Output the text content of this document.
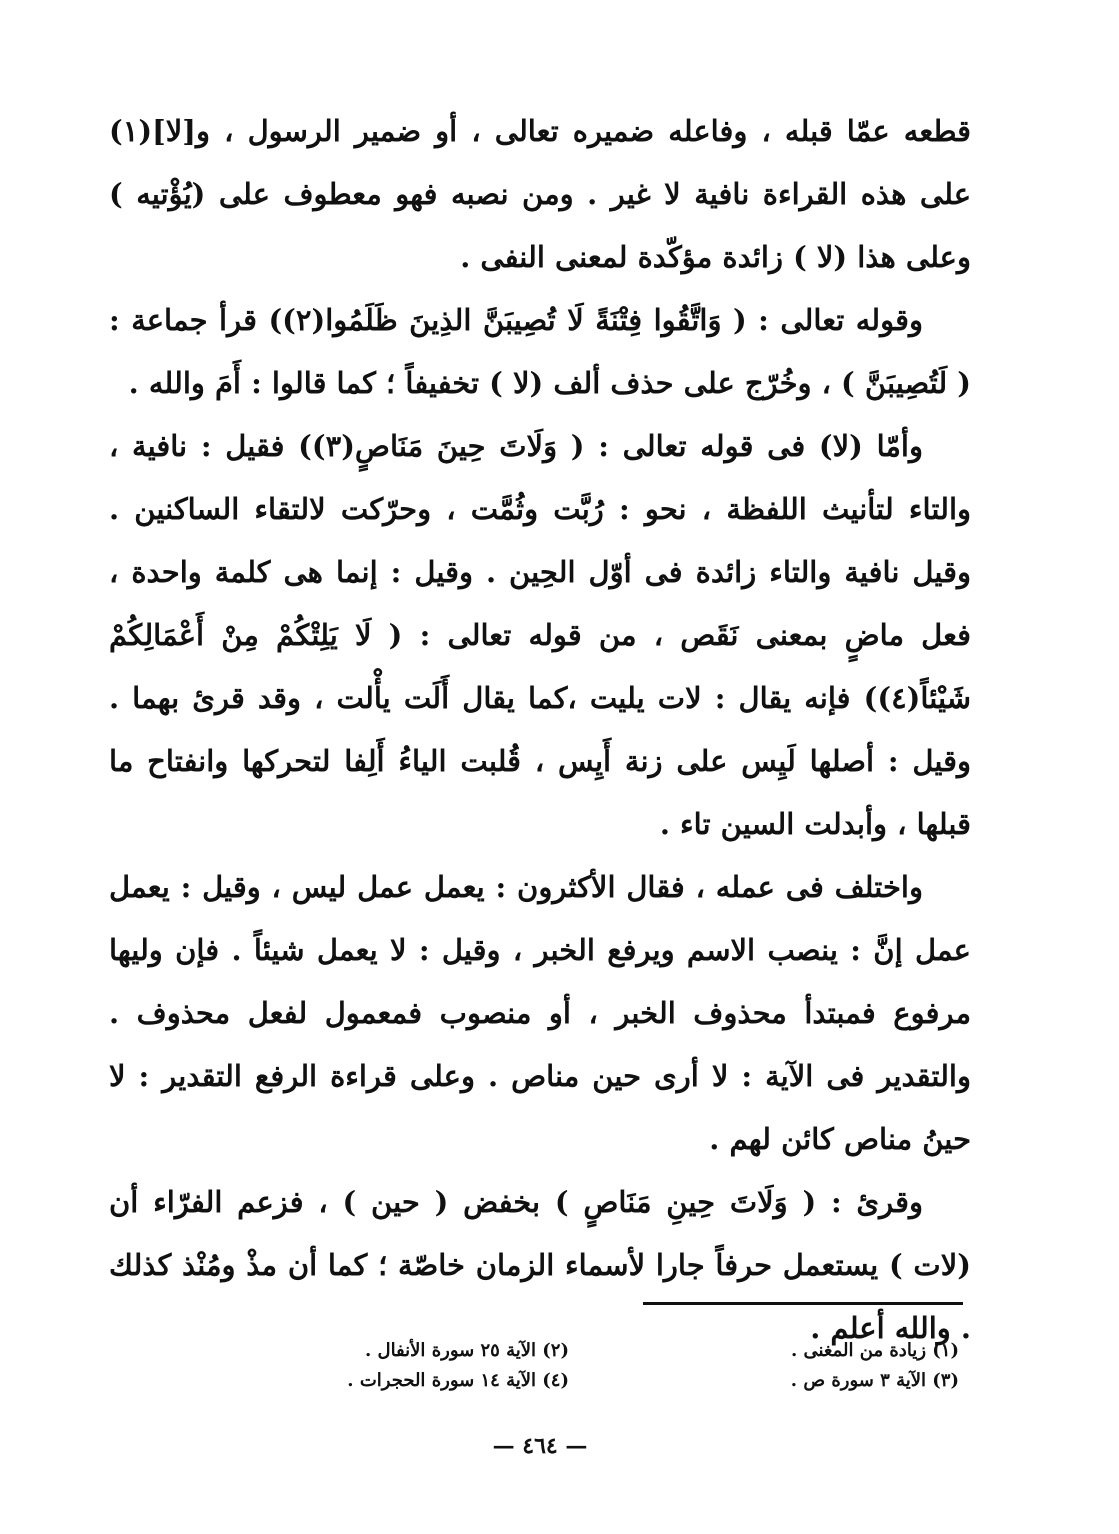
قطعه عمّا قبله ، وفاعله ضميره تعالى ، أو ضمير الرسول ، و[لا](١) على هذه القراءة نافية لا غير . ومن نصبه فهو معطوف على (يُؤْتيه ) وعلى هذا (لا ) زائدة مؤكّدة لمعنى النفى .

وقوله تعالى : ( وَاتَّقُوا فِتْنَةً لَا تُصِيبَنَّ الذِينَ ظَلَمُوا(٢)) قرأ جماعة : ( لَتُصِيبَنَّ ) ، وخُرّج على حذف ألف (لا ) تخفيفاً ؛ كما قالوا : أَمَ والله .

وأمّا (لا) فى قوله تعالى : ( وَلَاتَ حِينَ مَنَاصٍ(٣)) فقيل : نافية ، والتاء لتأنيث اللفظة ، نحو : رُبَّت وثُمَّت ، وحرّكت لالتقاء الساكنين . وقيل نافية والتاء زائدة فى أوّل الحِين . وقيل : إنما هى كلمة واحدة ، فعل ماضٍ بمعنى نَقَص ، من قوله تعالى : ( لَا يَلِتْكُمْ مِنْ أَعْمَالِكُمْ شَيْئاً(٤)) فإنه يقال : لات يليت ،كما يقال أَلَت يأْلت ، وقد قرئ بهما . وقيل : أصلها لَيِس على زنة أَيِس ، قُلبت الياءُ أَلِفا لتحركها وانفتاح ما قبلها ، وأبدلت السين تاء .

واختلف فى عمله ، فقال الأكثرون : يعمل عمل ليس ، وقيل : يعمل عمل إنَّ : ينصب الاسم ويرفع الخبر ، وقيل : لا يعمل شيئاً . فإن وليها مرفوع فمبتدأ محذوف الخبر ، أو منصوب فمعمول لفعل محذوف . والتقدير فى الآية : لا أرى حين مناص . وعلى قراءة الرفع التقدير : لا حينُ مناص كائن لهم .

وقرئ : ( وَلَاتَ حِينِ مَنَاصٍ ) بخفض ( حين ) ، فزعم الفرّاء أن (لات ) يستعمل حرفاً جارا لأسماء الزمان خاصّة ؛ كما أن مذْ ومُنْذ كذلك . والله أعلم .

(١) زيادة من المغنى .
(٢) الآية ٢٥ سورة الأنفال .
(٣) الآية ٣ سورة ص .
(٤) الآية ١٤ سورة الحجرات .
— ٤٦٤ —
